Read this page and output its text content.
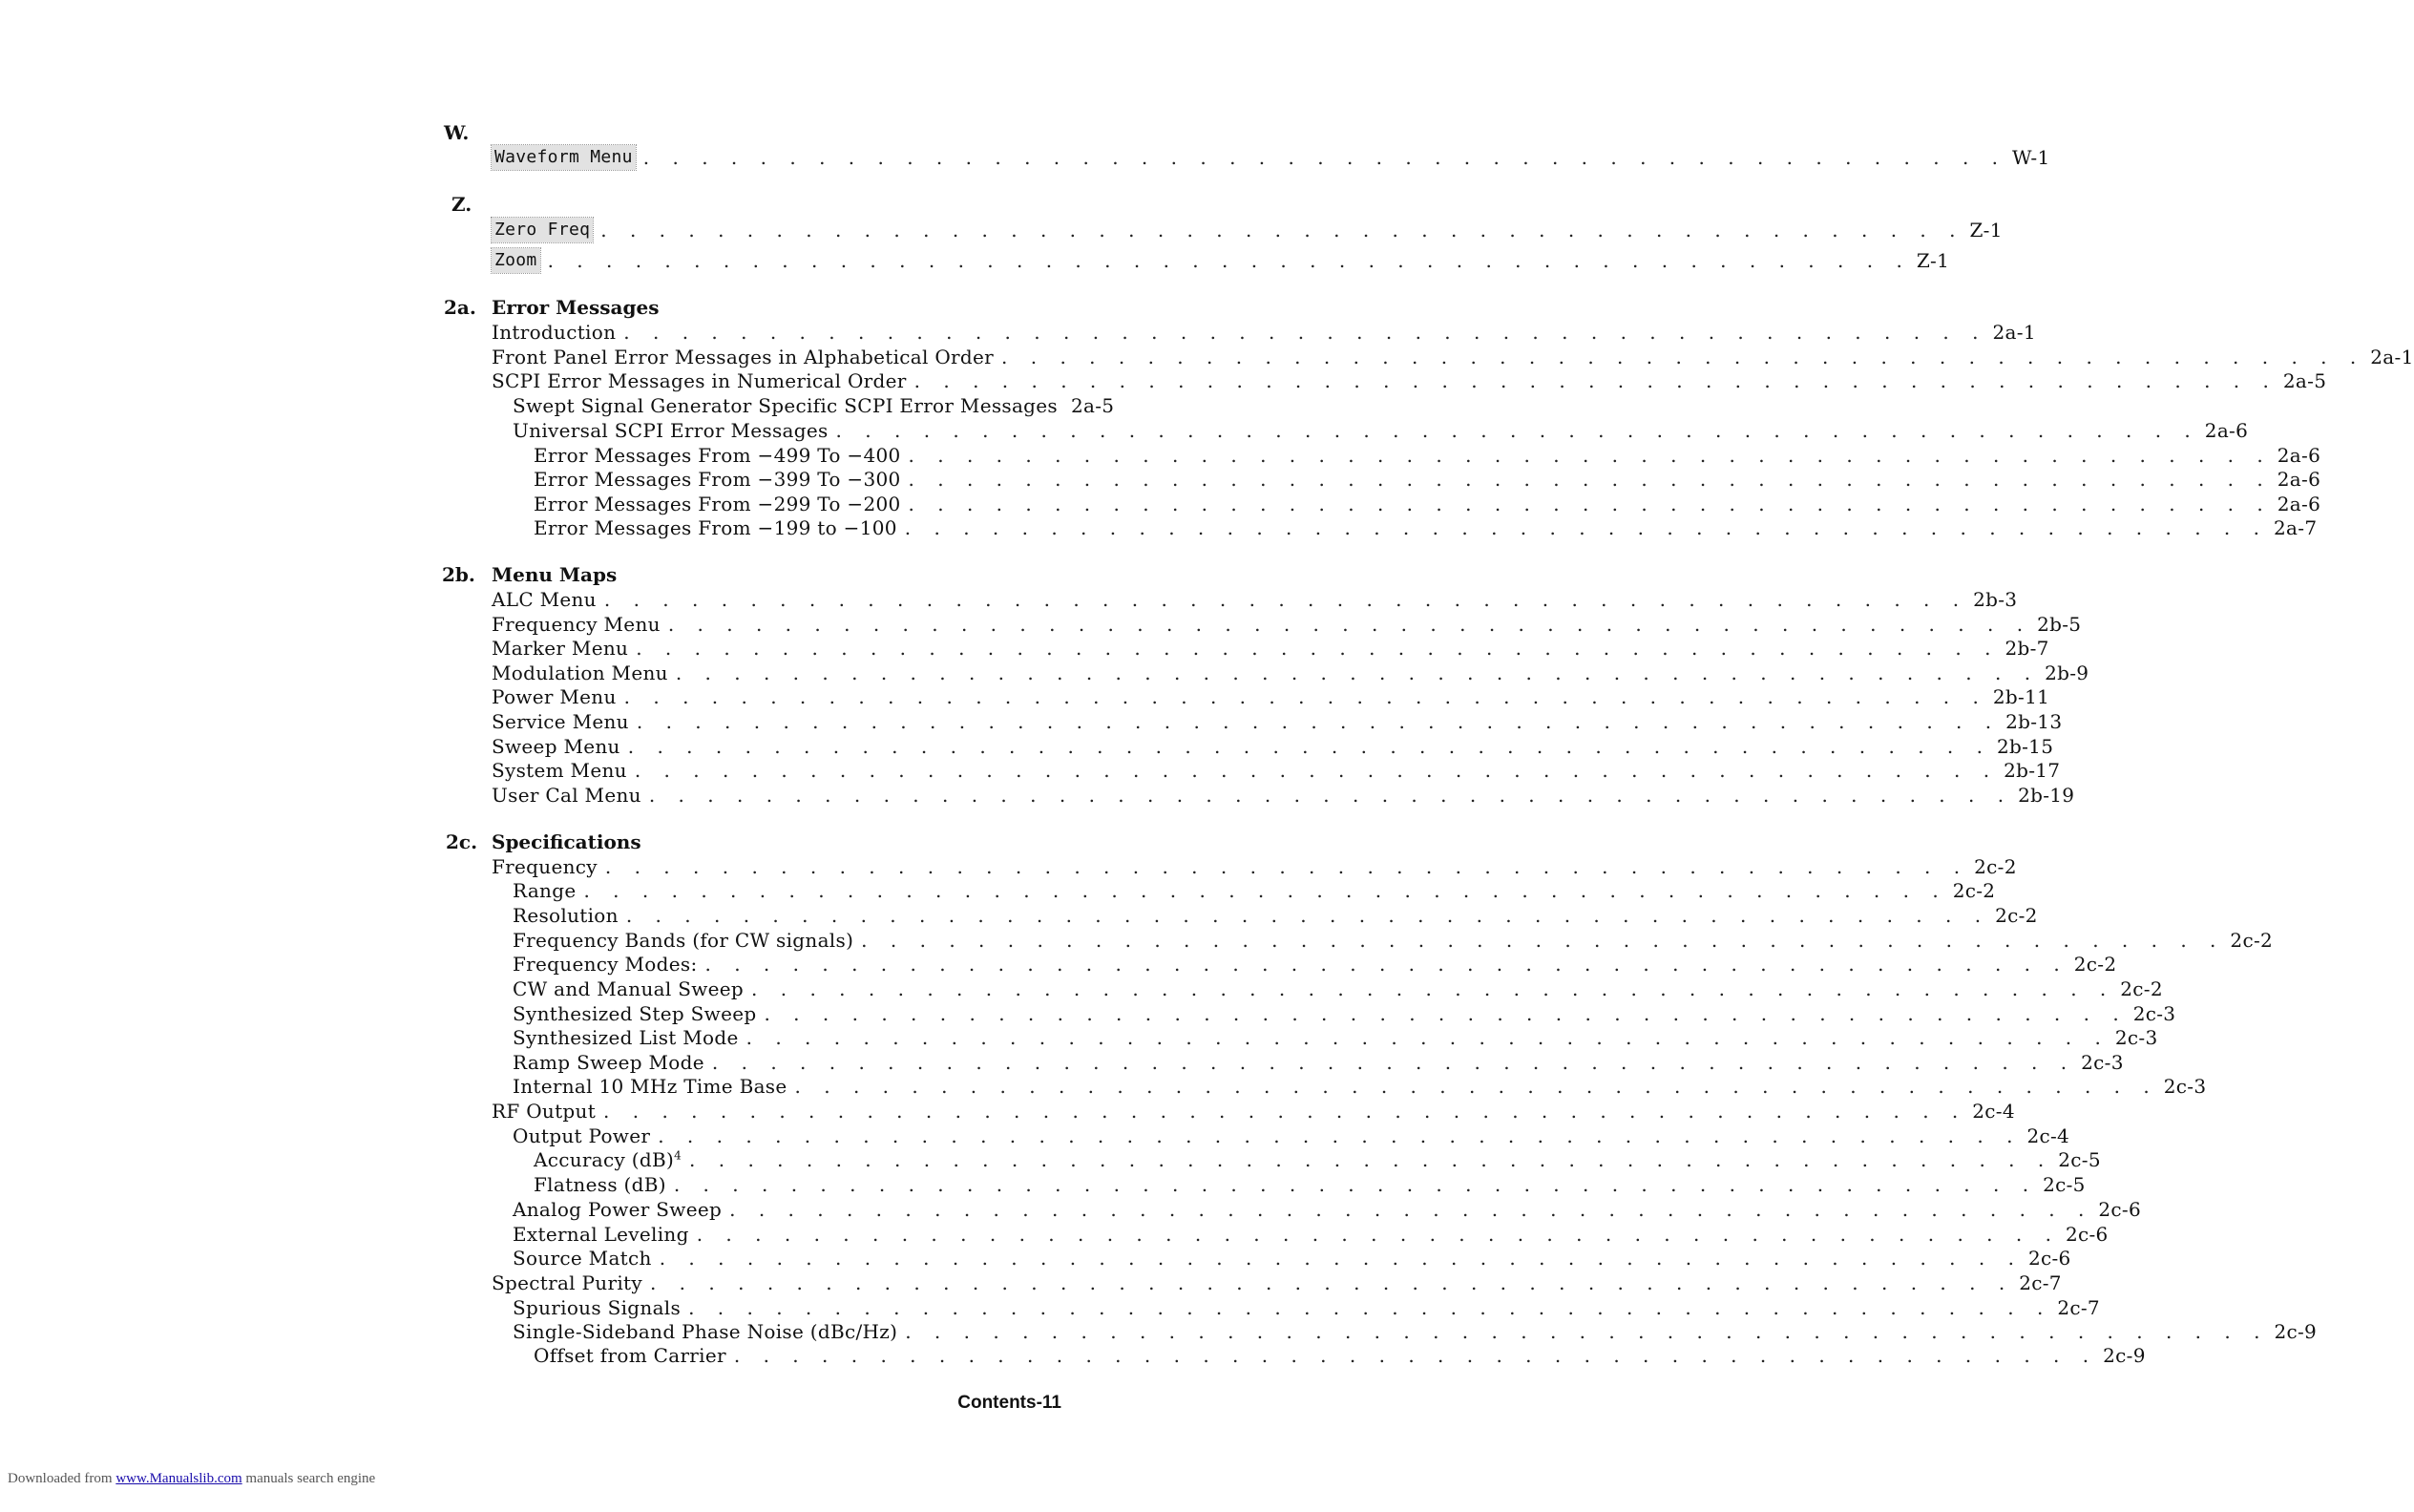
W.
Waveform Menu . . . . . . . . . . . . . . . . . . . . . . . . . . . . . . . . . . . . . . . . . . . . . . . W-1
Z.
Zero Freq . . . . . . . . . . . . . . . . . . . . . . . . . . . . . . . . . . . . . . . . . . . . . . . Z-1
Zoom . . . . . . . . . . . . . . . . . . . . . . . . . . . . . . . . . . . . . . . . . . . . . . . Z-1
2a. Error Messages
Introduction . . . . . . . . . . . . . . . . . . . . . . . . . . . . . . . . . . . . . . . . . . . . . . . 2a-1
Front Panel Error Messages in Alphabetical Order . . . . . . . . . . . . . . . . . . . . . . . . . . . . . . . . . . . . . . . . . . . . . . . 2a-1
SCPI Error Messages in Numerical Order . . . . . . . . . . . . . . . . . . . . . . . . . . . . . . . . . . . . . . . . . . . . . . . 2a-5
Swept Signal Generator Specific SCPI Error Messages 2a-5
Universal SCPI Error Messages . . . . . . . . . . . . . . . . . . . . . . . . . . . . . . . . . . . . . . . . . . . . . . . 2a-6
Error Messages From −499 To −400 . . . . . . . . . . . . . . . . . . . . . . . . . . . . . . . . . . . . . . . . . . . . . . . 2a-6
Error Messages From −399 To −300 . . . . . . . . . . . . . . . . . . . . . . . . . . . . . . . . . . . . . . . . . . . . . . . 2a-6
Error Messages From −299 To −200 . . . . . . . . . . . . . . . . . . . . . . . . . . . . . . . . . . . . . . . . . . . . . . . 2a-6
Error Messages From −199 to −100 . . . . . . . . . . . . . . . . . . . . . . . . . . . . . . . . . . . . . . . . . . . . . . . 2a-7
2b. Menu Maps
ALC Menu . . . . . . . . . . . . . . . . . . . . . . . . . . . . . . . . . . . . . . . . . . . . . . . 2b-3
Frequency Menu . . . . . . . . . . . . . . . . . . . . . . . . . . . . . . . . . . . . . . . . . . . . . . . 2b-5
Marker Menu . . . . . . . . . . . . . . . . . . . . . . . . . . . . . . . . . . . . . . . . . . . . . . . 2b-7
Modulation Menu . . . . . . . . . . . . . . . . . . . . . . . . . . . . . . . . . . . . . . . . . . . . . . . 2b-9
Power Menu . . . . . . . . . . . . . . . . . . . . . . . . . . . . . . . . . . . . . . . . . . . . . . . 2b-11
Service Menu . . . . . . . . . . . . . . . . . . . . . . . . . . . . . . . . . . . . . . . . . . . . . . . 2b-13
Sweep Menu . . . . . . . . . . . . . . . . . . . . . . . . . . . . . . . . . . . . . . . . . . . . . . . 2b-15
System Menu . . . . . . . . . . . . . . . . . . . . . . . . . . . . . . . . . . . . . . . . . . . . . . . 2b-17
User Cal Menu . . . . . . . . . . . . . . . . . . . . . . . . . . . . . . . . . . . . . . . . . . . . . . . 2b-19
2c. Specifications
Frequency . . . . . . . . . . . . . . . . . . . . . . . . . . . . . . . . . . . . . . . . . . . . . . . 2c-2
Range . . . . . . . . . . . . . . . . . . . . . . . . . . . . . . . . . . . . . . . . . . . . . . . 2c-2
Resolution . . . . . . . . . . . . . . . . . . . . . . . . . . . . . . . . . . . . . . . . . . . . . . . 2c-2
Frequency Bands (for CW signals) . . . . . . . . . . . . . . . . . . . . . . . . . . . . . . . . . . . . . . . . . . . . . . . 2c-2
Frequency Modes: . . . . . . . . . . . . . . . . . . . . . . . . . . . . . . . . . . . . . . . . . . . . . . . 2c-2
CW and Manual Sweep . . . . . . . . . . . . . . . . . . . . . . . . . . . . . . . . . . . . . . . . . . . . . . . 2c-2
Synthesized Step Sweep . . . . . . . . . . . . . . . . . . . . . . . . . . . . . . . . . . . . . . . . . . . . . . . 2c-3
Synthesized List Mode . . . . . . . . . . . . . . . . . . . . . . . . . . . . . . . . . . . . . . . . . . . . . . . 2c-3
Ramp Sweep Mode . . . . . . . . . . . . . . . . . . . . . . . . . . . . . . . . . . . . . . . . . . . . . . . 2c-3
Internal 10 MHz Time Base . . . . . . . . . . . . . . . . . . . . . . . . . . . . . . . . . . . . . . . . . . . . . . . 2c-3
RF Output . . . . . . . . . . . . . . . . . . . . . . . . . . . . . . . . . . . . . . . . . . . . . . . 2c-4
Output Power . . . . . . . . . . . . . . . . . . . . . . . . . . . . . . . . . . . . . . . . . . . . . . . 2c-4
Accuracy (dB)$^4$ . . . . . . . . . . . . . . . . . . . . . . . . . . . . . . . . . . . . . . . . . . . . . . . 2c-5
Flatness (dB) . . . . . . . . . . . . . . . . . . . . . . . . . . . . . . . . . . . . . . . . . . . . . . . 2c-5
Analog Power Sweep . . . . . . . . . . . . . . . . . . . . . . . . . . . . . . . . . . . . . . . . . . . . . . . 2c-6
External Leveling . . . . . . . . . . . . . . . . . . . . . . . . . . . . . . . . . . . . . . . . . . . . . . . 2c-6
Source Match . . . . . . . . . . . . . . . . . . . . . . . . . . . . . . . . . . . . . . . . . . . . . . . 2c-6
Spectral Purity . . . . . . . . . . . . . . . . . . . . . . . . . . . . . . . . . . . . . . . . . . . . . . . 2c-7
Spurious Signals . . . . . . . . . . . . . . . . . . . . . . . . . . . . . . . . . . . . . . . . . . . . . . . 2c-7
Single-Sideband Phase Noise (dBc/Hz) . . . . . . . . . . . . . . . . . . . . . . . . . . . . . . . . . . . . . . . . . . . . . . . 2c-9
Offset from Carrier . . . . . . . . . . . . . . . . . . . . . . . . . . . . . . . . . . . . . . . . . . . . . . . 2c-9
Contents-11
Downloaded from www.Manualslib.com manuals search engine
